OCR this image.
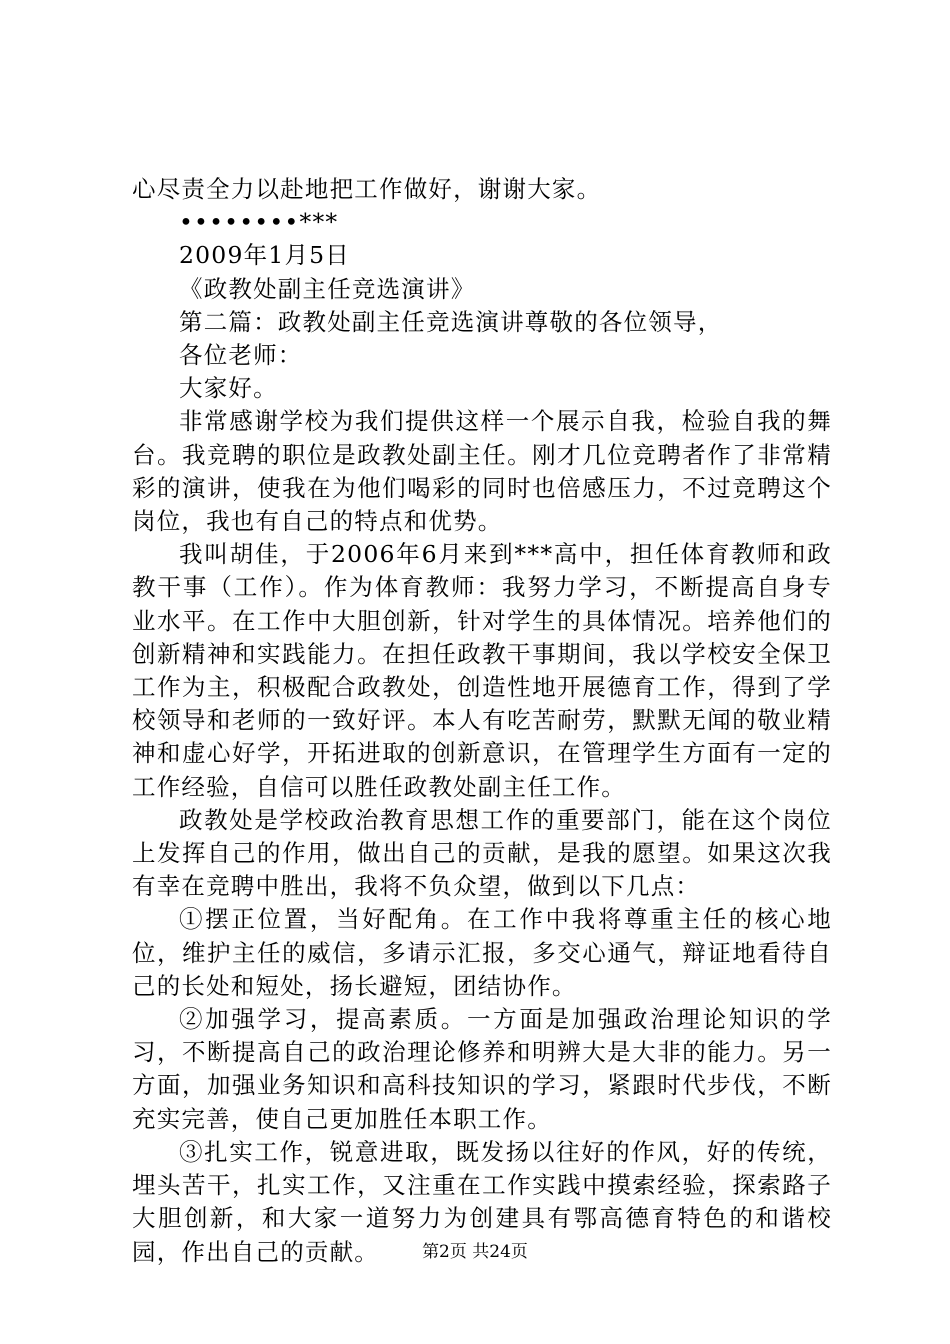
心尽责全力以赴地把工作做好，谢谢大家。

••••••••***

2009年1月5日

《政教处副主任竞选演讲》

第二篇：政教处副主任竞选演讲尊敬的各位领导，

各位老师：

大家好。

非常感谢学校为我们提供这样一个展示自我，检验自我的舞台。我竞聘的职位是政教处副主任。刚才几位竞聘者作了非常精彩的演讲，使我在为他们喝彩的同时也倍感压力，不过竞聘这个岗位，我也有自己的特点和优势。

我叫胡佳，于2006年6月来到***高中，担任体育教师和政教干事（工作）。作为体育教师：我努力学习，不断提高自身专业水平。在工作中大胆创新，针对学生的具体情况。培养他们的创新精神和实践能力。在担任政教干事期间，我以学校安全保卫工作为主，积极配合政教处，创造性地开展德育工作，得到了学校领导和老师的一致好评。本人有吃苦耐劳，默默无闻的敬业精神和虚心好学，开拓进取的创新意识，在管理学生方面有一定的工作经验，自信可以胜任政教处副主任工作。

政教处是学校政治教育思想工作的重要部门，能在这个岗位上发挥自己的作用，做出自己的贡献，是我的愿望。如果这次我有幸在竞聘中胜出，我将不负众望，做到以下几点：

①摆正位置，当好配角。在工作中我将尊重主任的核心地位，维护主任的威信，多请示汇报，多交心通气，辩证地看待自己的长处和短处，扬长避短，团结协作。

②加强学习，提高素质。一方面是加强政治理论知识的学习，不断提高自己的政治理论修养和明辨大是大非的能力。另一方面，加强业务知识和高科技知识的学习，紧跟时代步伐，不断充实完善，使自己更加胜任本职工作。

③扎实工作，锐意进取，既发扬以往好的作风，好的传统，埋头苦干，扎实工作，又注重在工作实践中摸索经验，探索路子大胆创新，和大家一道努力为创建具有鄂高德育特色的和谐校园，作出自己的贡献。	第2页 共24页
